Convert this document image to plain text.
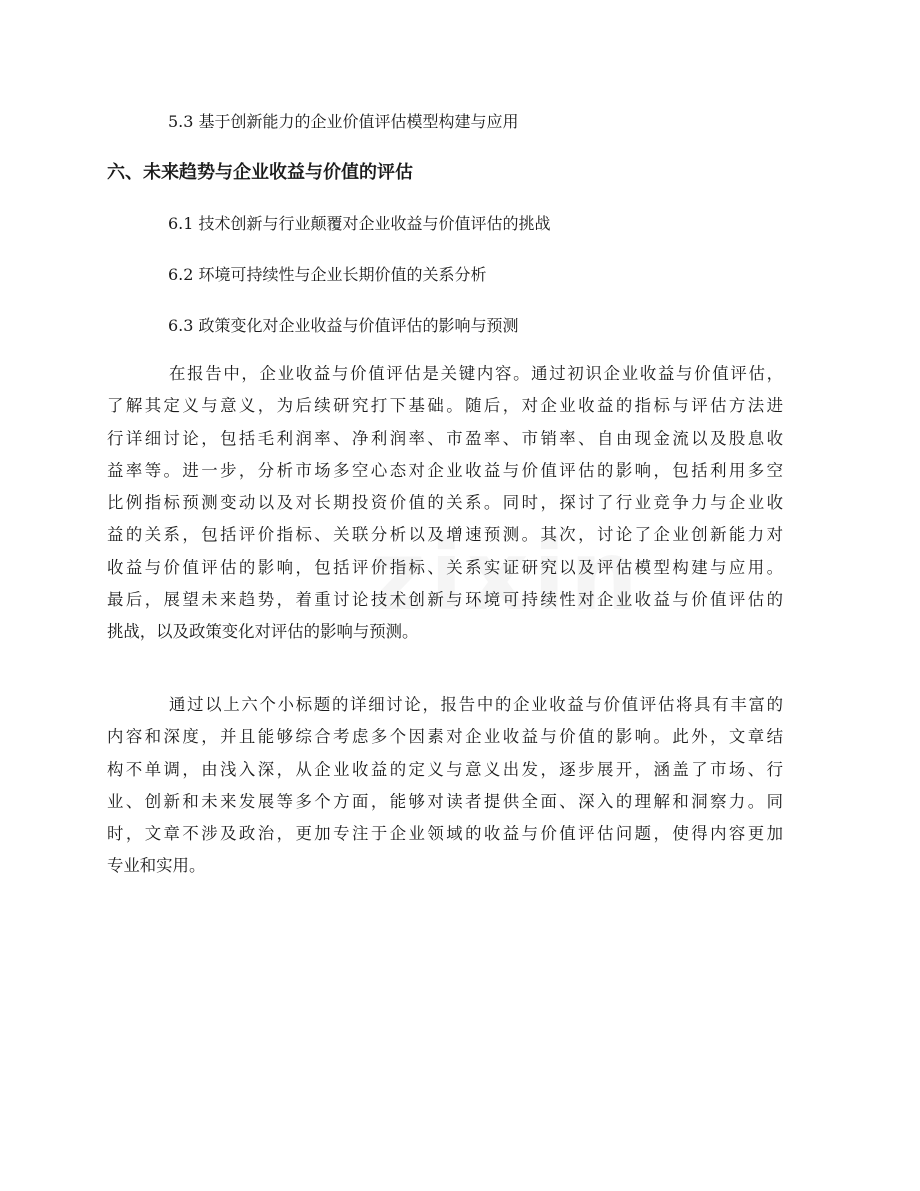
5.3 基于创新能力的企业价值评估模型构建与应用
六、未来趋势与企业收益与价值的评估
6.1 技术创新与行业颠覆对企业收益与价值评估的挑战
6.2 环境可持续性与企业长期价值的关系分析
6.3 政策变化对企业收益与价值评估的影响与预测
在报告中，企业收益与价值评估是关键内容。通过初识企业收益与价值评估，
了解其定义与意义，为后续研究打下基础。随后，对企业收益的指标与评估方法进
行详细讨论，包括毛利润率、净利润率、市盈率、市销率、自由现金流以及股息收
益率等。进一步，分析市场多空心态对企业收益与价值评估的影响，包括利用多空
比例指标预测变动以及对长期投资价值的关系。同时，探讨了行业竞争力与企业收
益的关系，包括评价指标、关联分析以及增速预测。其次，讨论了企业创新能力对
收益与价值评估的影响，包括评价指标、关系实证研究以及评估模型构建与应用。
最后，展望未来趋势，着重讨论技术创新与环境可持续性对企业收益与价值评估的
挑战，以及政策变化对评估的影响与预测。
通过以上六个小标题的详细讨论，报告中的企业收益与价值评估将具有丰富的
内容和深度，并且能够综合考虑多个因素对企业收益与价值的影响。此外，文章结
构不单调，由浅入深，从企业收益的定义与意义出发，逐步展开，涵盖了市场、行
业、创新和未来发展等多个方面，能够对读者提供全面、深入的理解和洞察力。同
时，文章不涉及政治，更加专注于企业领域的收益与价值评估问题，使得内容更加
专业和实用。
